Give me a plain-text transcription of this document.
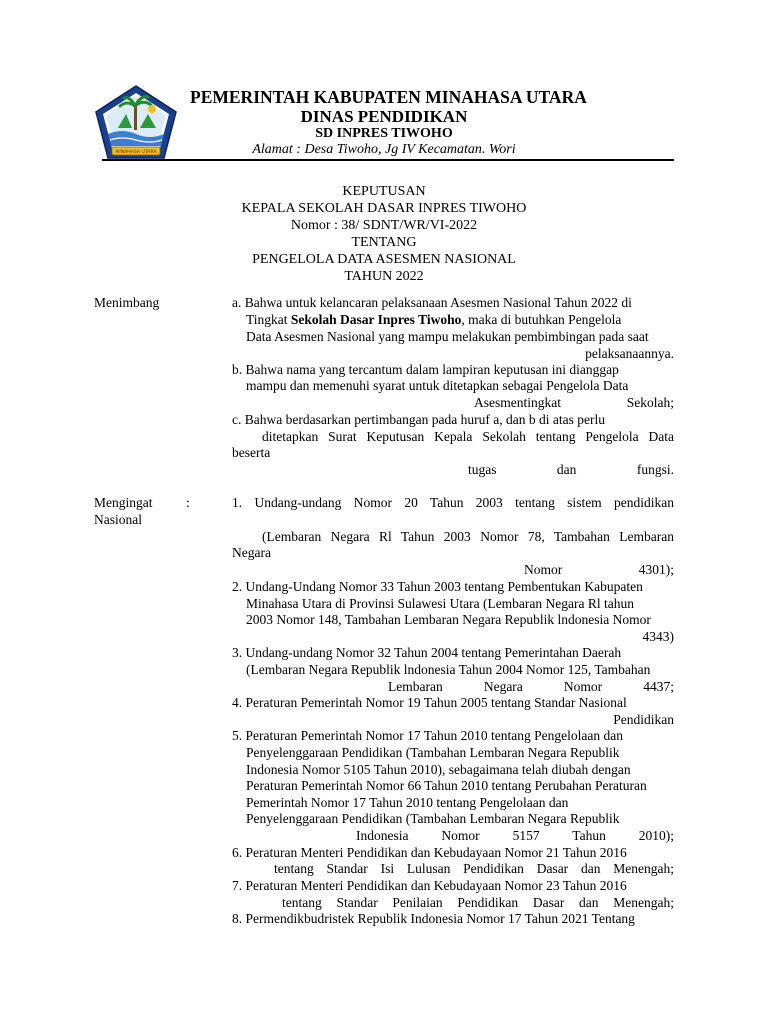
MINAHASA UTARA
PEMERINTAH KABUPATEN MINAHASA UTARA
DINAS PENDIDIKAN
SD INPRES TIWOHO
Alamat : Desa Tiwoho, Jg IV Kecamatan. Wori
KEPUTUSAN
KEPALA SEKOLAH DASAR INPRES TIWOHO
Nomor : 38/ SDNT/WR/VI-2022
TENTANG
PENGELOLA DATA ASESMEN NASIONAL
TAHUN 2022
Menimbang	a. Bahwa untuk kelancaran pelaksanaan Asesmen Nasional Tahun 2022 di
Tingkat Sekolah Dasar Inpres Tiwoho, maka di butuhkan Pengelola
Data Asesmen Nasional yang mampu melakukan pembimbingan pada saat
pelaksanaannya.
b. Bahwa nama yang tercantum dalam lampiran keputusan ini dianggap
mampu dan memenuhi syarat untuk ditetapkan sebagai Pengelola Data
Asesmentingkat Sekolah;
c. Bahwa berdasarkan pertimbangan pada huruf a, dan b di atas perlu
ditetapkan Surat Keputusan Kepala Sekolah tentang Pengelola Data
beserta
tugas dan fungsi.
Mengingat :
Nasional
1. Undang-undang Nomor 20 Tahun 2003 tentang sistem pendidikan
(Lembaran Negara Rl Tahun 2003 Nomor 78, Tambahan Lembaran
Negara
Nomor 4301);
2. Undang-Undang Nomor 33 Tahun 2003 tentang Pembentukan Kabupaten
Minahasa Utara di Provinsi Sulawesi Utara (Lembaran Negara Rl tahun
2003 Nomor 148, Tambahan Lembaran Negara Republik lndonesia Nomor
4343)
3. Undang-undang Nomor 32 Tahun 2004 tentang Pemerintahan Daerah
(Lembaran Negara Republik lndonesia Tahun 2004 Nomor 125, Tambahan
Lembaran Negara Nomor 4437;
4. Peraturan Pemerintah Nomor 19 Tahun 2005 tentang Standar Nasional
Pendidikan
5. Peraturan Pemerintah Nomor 17 Tahun 2010 tentang Pengelolaan dan
Penyelenggaraan Pendidikan (Tambahan Lembaran Negara Republik
Indonesia Nomor 5105 Tahun 2010), sebagaimana telah diubah dengan
Peraturan Pemerintah Nomor 66 Tahun 2010 tentang Perubahan Peraturan
Pemerintah Nomor 17 Tahun 2010 tentang Pengelolaan dan
Penyelenggaraan Pendidikan (Tambahan Lembaran Negara Republik
Indonesia Nomor 5157 Tahun 2010);
6. Peraturan Menteri Pendidikan dan Kebudayaan Nomor 21 Tahun 2016
tentang Standar Isi Lulusan Pendidikan Dasar dan Menengah;
7. Peraturan Menteri Pendidikan dan Kebudayaan Nomor 23 Tahun 2016
tentang Standar Penilaian Pendidikan Dasar dan Menengah;
8. Permendikbudristek Republik Indonesia Nomor 17 Tahun 2021 Tentang
